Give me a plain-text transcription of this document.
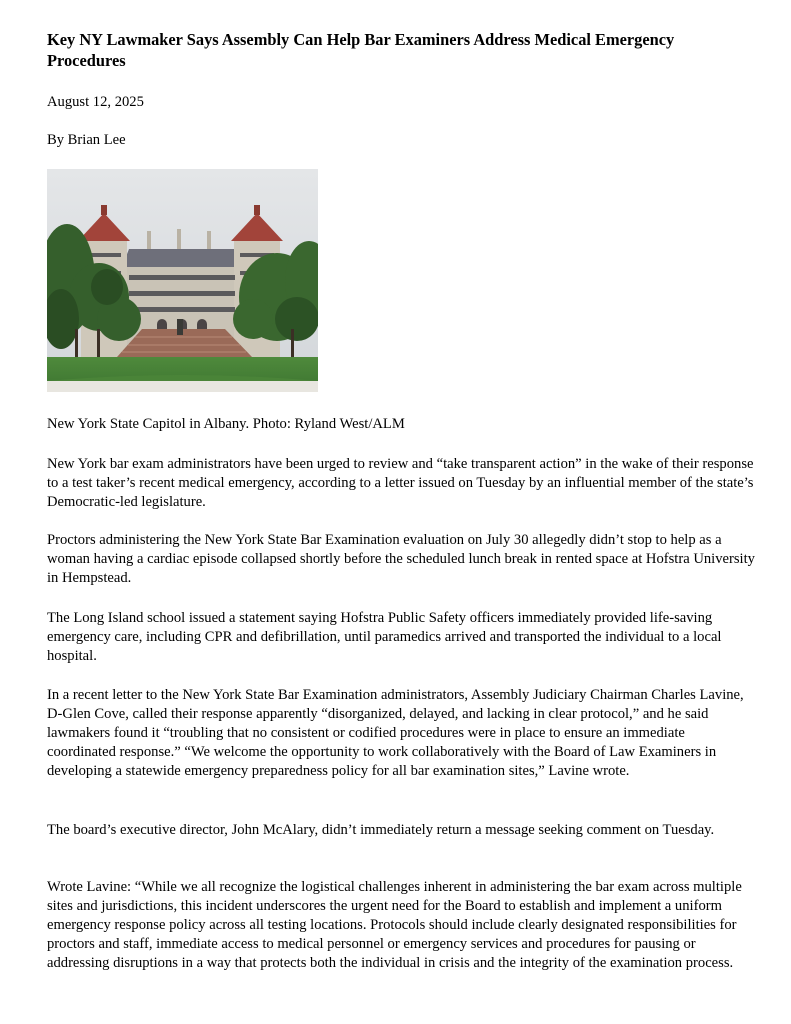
Key NY Lawmaker Says Assembly Can Help Bar Examiners Address Medical Emergency Procedures

August 12, 2025

By Brian Lee

New York State Capitol in Albany. Photo: Ryland West/ALM

New York bar exam administrators have been urged to review and “take transparent action” in the wake of their response to a test taker’s recent medical emergency, according to a letter issued on Tuesday by an influential member of the state’s Democratic-led legislature.

Proctors administering the New York State Bar Examination evaluation on July 30 allegedly didn’t stop to help as a woman having a cardiac episode collapsed shortly before the scheduled lunch break in rented space at Hofstra University in Hempstead.

The Long Island school issued a statement saying Hofstra Public Safety officers immediately provided life-saving emergency care, including CPR and defibrillation, until paramedics arrived and transported the individual to a local hospital.

In a recent letter to the New York State Bar Examination administrators, Assembly Judiciary Chairman Charles Lavine, D-Glen Cove, called their response apparently “disorganized, delayed, and lacking in clear protocol,” and he said lawmakers found it “troubling that no consistent or codified procedures were in place to ensure an immediate coordinated response.” “We welcome the opportunity to work collaboratively with the Board of Law Examiners in developing a statewide emergency preparedness policy for all bar examination sites,” Lavine wrote.

The board’s executive director, John McAlary, didn’t immediately return a message seeking comment on Tuesday.

Wrote Lavine: “While we all recognize the logistical challenges inherent in administering the bar exam across multiple sites and jurisdictions, this incident underscores the urgent need for the Board to establish and implement a uniform emergency response policy across all testing locations. Protocols should include clearly designated responsibilities for proctors and staff, immediate access to medical personnel or emergency services and procedures for pausing or addressing disruptions in a way that protects both the individual in crisis and the integrity of the examination process.
